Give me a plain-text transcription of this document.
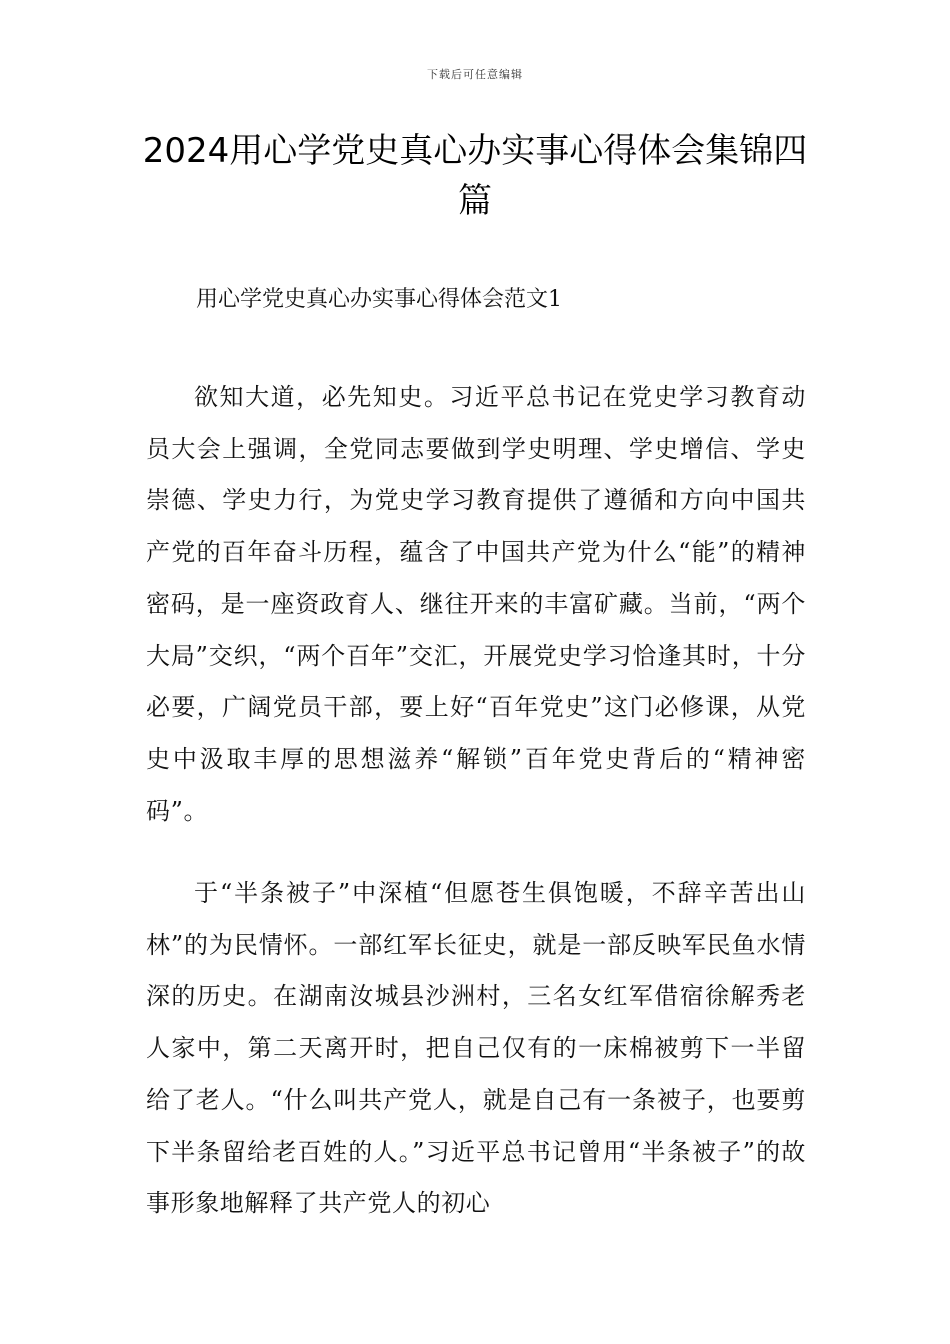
下载后可任意编辑
2024用心学党史真心办实事心得体会集锦四篇
用心学党史真心办实事心得体会范文1

欲知大道，必先知史。习近平总书记在党史学习教育动员大会上强调，全党同志要做到学史明理、学史增信、学史崇德、学史力行，为党史学习教育提供了遵循和方向中国共产党的百年奋斗历程，蕴含了中国共产党为什么“能”的精神密码，是一座资政育人、继往开来的丰富矿藏。当前，“两个大局”交织，“两个百年”交汇，开展党史学习恰逢其时，十分必要，广阔党员干部，要上好“百年党史”这门必修课，从党史中汲取丰厚的思想滋养“解锁”百年党史背后的“精神密码”。

于“半条被子”中深植“但愿苍生俱饱暖，不辞辛苦出山林”的为民情怀。一部红军长征史，就是一部反映军民鱼水情深的历史。在湖南汝城县沙洲村，三名女红军借宿徐解秀老人家中，第二天离开时，把自己仅有的一床棉被剪下一半留给了老人。“什么叫共产党人，就是自己有一条被子，也要剪下半条留给老百姓的人。”习近平总书记曾用“半条被子”的故事形象地解释了共产党人的初心
